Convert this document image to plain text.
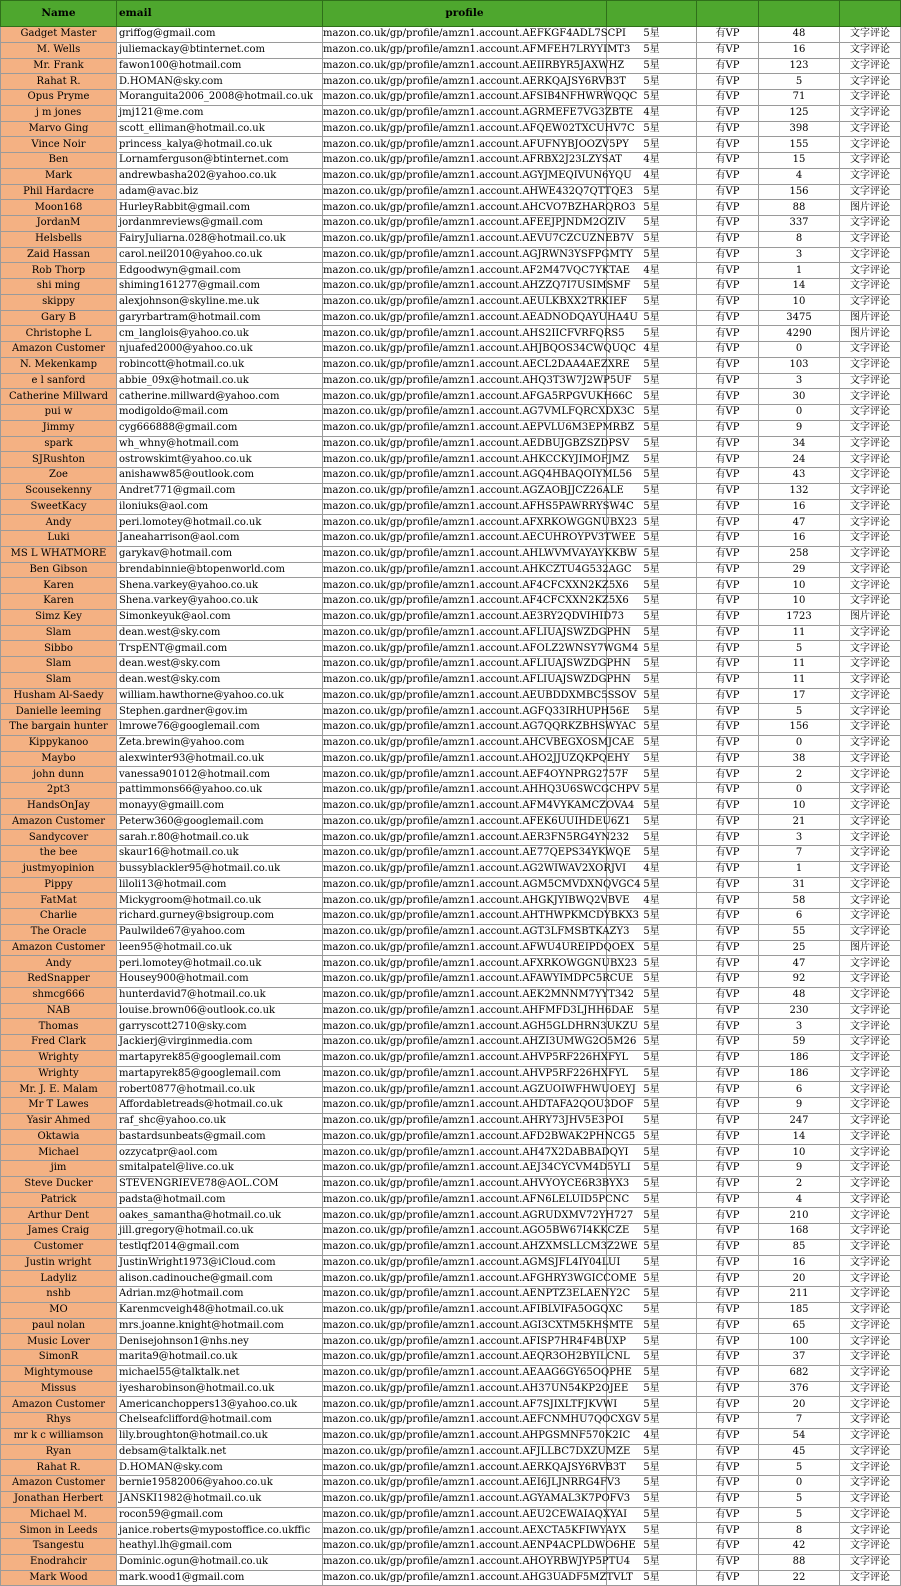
Name	email	profile				
Gadget Master	griffog@gmail.com	mazon.co.uk/gp/profile/amzn1.account.AEFKGF4ADL7SCPI	5星	有VP	48	文字评论
M. Wells	juliemackay@btinternet.com	mazon.co.uk/gp/profile/amzn1.account.AFMFEH7LRYYIMT3	5星	有VP	16	文字评论
Mr. Frank	fawon100@hotmail.com	mazon.co.uk/gp/profile/amzn1.account.AEIIRBYR5JAXWHZ	5星	有VP	123	文字评论
Rahat R.	D.HOMAN@sky.com	mazon.co.uk/gp/profile/amzn1.account.AERKQAJSY6RVB3T	5星	有VP	5	文字评论
Opus Pryme	Moranguita2006_2008@hotmail.co.uk	mazon.co.uk/gp/profile/amzn1.account.AFSIB4NFHWRWQQC	5星	有VP	71	文字评论
j m jones	jmj121@me.com	mazon.co.uk/gp/profile/amzn1.account.AGRMEFE7VG3ZBTE	4星	有VP	125	文字评论
Marvo Ging	scott_elliman@hotmail.co.uk	mazon.co.uk/gp/profile/amzn1.account.AFQEW02TXCUHV7C	5星	有VP	398	文字评论
Vince Noir	princess_kalya@hotmail.co.uk	mazon.co.uk/gp/profile/amzn1.account.AFUFNYBJOOZV5PY	5星	有VP	155	文字评论
Ben	Lornamferguson@btinternet.com	mazon.co.uk/gp/profile/amzn1.account.AFRBX2J23LZYSAT	4星	有VP	15	文字评论
Mark	andrewbasha202@yahoo.co.uk	mazon.co.uk/gp/profile/amzn1.account.AGYJMEQIVUN6YQU	4星	有VP	4	文字评论
Phil Hardacre	adam@avac.biz	mazon.co.uk/gp/profile/amzn1.account.AHWE432Q7QTTQE3	5星	有VP	156	文字评论
Moon168	HurleyRabbit@gmail.com	mazon.co.uk/gp/profile/amzn1.account.AHCVO7BZHARQRO3	5星	有VP	88	图片评论
JordanM	jordanmreviews@gmail.com	mazon.co.uk/gp/profile/amzn1.account.AFEEJPJNDM2OZIV	5星	有VP	337	文字评论
Helsbells	FairyJuliarna.028@hotmail.co.uk	mazon.co.uk/gp/profile/amzn1.account.AEVU7CZCUZNEB7V	5星	有VP	8	文字评论
Zaid Hassan	carol.neil2010@yahoo.co.uk	mazon.co.uk/gp/profile/amzn1.account.AGJRWN3YSFPGMTY	5星	有VP	3	文字评论
Rob Thorp	Edgoodwyn@gmail.com	mazon.co.uk/gp/profile/amzn1.account.AF2M47VQC7YKTAE	4星	有VP	1	文字评论
shi ming	shiming161277@gmail.com	mazon.co.uk/gp/profile/amzn1.account.AHZZQ7I7USIMSMF	5星	有VP	14	文字评论
skippy	alexjohnson@skyline.me.uk	mazon.co.uk/gp/profile/amzn1.account.AEULKBXX2TRKIEF	5星	有VP	10	文字评论
Gary B	garyrbartram@hotmail.com	mazon.co.uk/gp/profile/amzn1.account.AEADNODQAYUHA4U	5星	有VP	3475	图片评论
Christophe L	cm_langlois@yahoo.co.uk	mazon.co.uk/gp/profile/amzn1.account.AHS2IICFVRFQRS5	5星	有VP	4290	图片评论
Amazon Customer	njuafed2000@yahoo.co.uk	mazon.co.uk/gp/profile/amzn1.account.AHJBQOS34CWQUQC	4星	有VP	0	文字评论
N. Mekenkamp	robincott@hotmail.co.uk	mazon.co.uk/gp/profile/amzn1.account.AECL2DAA4AEZXRE	5星	有VP	103	文字评论
e l sanford	abbie_09x@hotmail.co.uk	mazon.co.uk/gp/profile/amzn1.account.AHQ3T3W7J2WP5UF	5星	有VP	3	文字评论
Catherine Millward	catherine.millward@yahoo.com	mazon.co.uk/gp/profile/amzn1.account.AFGA5RPGVUKH66C	5星	有VP	30	文字评论
pui w	modigoldo@mail.com	mazon.co.uk/gp/profile/amzn1.account.AG7VMLFQRCXDX3C	5星	有VP	0	文字评论
Jimmy	cyg666888@gmail.com	mazon.co.uk/gp/profile/amzn1.account.AEPVLU6M3EPMRBZ	5星	有VP	9	文字评论
spark	wh_whny@hotmail.com	mazon.co.uk/gp/profile/amzn1.account.AEDBUJGBZSZDPSV	5星	有VP	34	文字评论
SJRushton	ostrowskimt@yahoo.co.uk	mazon.co.uk/gp/profile/amzn1.account.AHKCCKYJIMOFJMZ	5星	有VP	24	文字评论
Zoe	anishaww85@outlook.com	mazon.co.uk/gp/profile/amzn1.account.AGQ4HBAQOIYML56	5星	有VP	43	文字评论
Scousekenny	Andret771@gmail.com	mazon.co.uk/gp/profile/amzn1.account.AGZAOBJJCZ26ALE	5星	有VP	132	文字评论
SweetKacy	iloniuks@aol.com	mazon.co.uk/gp/profile/amzn1.account.AFHS5PAWRRYSW4C	5星	有VP	16	文字评论
Andy	peri.lomotey@hotmail.co.uk	mazon.co.uk/gp/profile/amzn1.account.AFXRKOWGGNUBX23	5星	有VP	47	文字评论
Luki	Janeaharrison@aol.com	mazon.co.uk/gp/profile/amzn1.account.AECUHROYPV3TWEE	5星	有VP	16	文字评论
MS L WHATMORE	garykav@hotmail.com	mazon.co.uk/gp/profile/amzn1.account.AHLWVMVAYAYKKBW	5星	有VP	258	文字评论
Ben Gibson	brendabinnie@btopenworld.com	mazon.co.uk/gp/profile/amzn1.account.AHKCZTU4G532AGC	5星	有VP	29	文字评论
Karen	Shena.varkey@yahoo.co.uk	mazon.co.uk/gp/profile/amzn1.account.AF4CFCXXN2KZ5X6	5星	有VP	10	文字评论
Karen	Shena.varkey@yahoo.co.uk	mazon.co.uk/gp/profile/amzn1.account.AF4CFCXXN2KZ5X6	5星	有VP	10	文字评论
Simz Key	Simonkeyuk@aol.com	mazon.co.uk/gp/profile/amzn1.account.AE3RY2QDVIHID73	5星	有VP	1723	图片评论
Slam	dean.west@sky.com	mazon.co.uk/gp/profile/amzn1.account.AFLIUAJSWZDGPHN	5星	有VP	11	文字评论
Sibbo	TrspENT@gmail.com	mazon.co.uk/gp/profile/amzn1.account.AFOLZ2WNSY7WGM4	5星	有VP	5	文字评论
Slam	dean.west@sky.com	mazon.co.uk/gp/profile/amzn1.account.AFLIUAJSWZDGPHN	5星	有VP	11	文字评论
Slam	dean.west@sky.com	mazon.co.uk/gp/profile/amzn1.account.AFLIUAJSWZDGPHN	5星	有VP	11	文字评论
Husham Al-Saedy	william.hawthorne@yahoo.co.uk	mazon.co.uk/gp/profile/amzn1.account.AEUBDDXMBC5SSOV	5星	有VP	17	文字评论
Danielle leeming	Stephen.gardner@gov.im	mazon.co.uk/gp/profile/amzn1.account.AGFQ33IRHUPH56E	5星	有VP	5	文字评论
The bargain hunter	lmrowe76@googlemail.com	mazon.co.uk/gp/profile/amzn1.account.AG7QQRKZBHSWYAC	5星	有VP	156	文字评论
Kippykanoo	Zeta.brewin@yahoo.com	mazon.co.uk/gp/profile/amzn1.account.AHCVBEGXOSMJCAE	5星	有VP	0	文字评论
Maybo	alexwinter93@hotmail.co.uk	mazon.co.uk/gp/profile/amzn1.account.AHO2JJUZQKPQEHY	5星	有VP	38	文字评论
john dunn	vanessa901012@hotmail.com	mazon.co.uk/gp/profile/amzn1.account.AEF4OYNPRG2757F	5星	有VP	2	文字评论
2pt3	pattimmons66@yahoo.co.uk	mazon.co.uk/gp/profile/amzn1.account.AHHQ3U6SWCGCHPV	5星	有VP	0	文字评论
HandsOnJay	monayy@gmaill.com	mazon.co.uk/gp/profile/amzn1.account.AFM4VYKAMCZOVA4	5星	有VP	10	文字评论
Amazon Customer	Peterw360@googlemail.com	mazon.co.uk/gp/profile/amzn1.account.AFEK6UUIHDEU6Z1	5星	有VP	21	文字评论
Sandycover	sarah.r.80@hotmail.co.uk	mazon.co.uk/gp/profile/amzn1.account.AER3FN5RG4YN232	5星	有VP	3	文字评论
the bee	skaur16@hotmail.co.uk	mazon.co.uk/gp/profile/amzn1.account.AE77QEPS34YKWQE	5星	有VP	7	文字评论
justmyopinion	bussyblackler95@hotmail.co.uk	mazon.co.uk/gp/profile/amzn1.account.AG2WIWAV2XORJVI	4星	有VP	1	文字评论
Pippy	liloli13@hotmail.com	mazon.co.uk/gp/profile/amzn1.account.AGM5CMVDXNQVGC4	5星	有VP	31	文字评论
FatMat	Mickygroom@hotmail.co.uk	mazon.co.uk/gp/profile/amzn1.account.AHGKJYIBWQ2VBVE	4星	有VP	58	文字评论
Charlie	richard.gurney@bsigroup.com	mazon.co.uk/gp/profile/amzn1.account.AHTHWPKMCDYBKX3	5星	有VP	6	文字评论
The Oracle	Paulwilde67@yahoo.com	mazon.co.uk/gp/profile/amzn1.account.AGT3LFMSBTKAZY3	5星	有VP	55	文字评论
Amazon Customer	leen95@hotmail.co.uk	mazon.co.uk/gp/profile/amzn1.account.AFWU4UREIPDQOEX	5星	有VP	25	图片评论
Andy	peri.lomotey@hotmail.co.uk	mazon.co.uk/gp/profile/amzn1.account.AFXRKOWGGNUBX23	5星	有VP	47	文字评论
RedSnapper	Housey900@hotmail.com	mazon.co.uk/gp/profile/amzn1.account.AFAWYIMDPC5RCUE	5星	有VP	92	文字评论
shmcg666	hunterdavid7@hotmail.co.uk	mazon.co.uk/gp/profile/amzn1.account.AEK2MNNM7YYT342	5星	有VP	48	文字评论
NAB	louise.brown06@outlook.co.uk	mazon.co.uk/gp/profile/amzn1.account.AHFMFD3LJHH6DAE	5星	有VP	230	文字评论
Thomas	garryscott2710@sky.com	mazon.co.uk/gp/profile/amzn1.account.AGH5GLDHRN3UKZU	5星	有VP	3	文字评论
Fred Clark	Jackierj@virginmedia.com	mazon.co.uk/gp/profile/amzn1.account.AHZI3UMWG2O5M26	5星	有VP	59	文字评论
Wrighty	martapyrek85@googlemail.com	mazon.co.uk/gp/profile/amzn1.account.AHVP5RF226HXFYL	5星	有VP	186	文字评论
Wrighty	martapyrek85@googlemail.com	mazon.co.uk/gp/profile/amzn1.account.AHVP5RF226HXFYL	5星	有VP	186	文字评论
Mr. J. E. Malam	robert0877@hotmail.co.uk	mazon.co.uk/gp/profile/amzn1.account.AGZUOIWFHWUOEYJ	5星	有VP	6	文字评论
Mr T Lawes	Affordabletreads@hotmail.co.uk	mazon.co.uk/gp/profile/amzn1.account.AHDTAFA2QOU3DOF	5星	有VP	9	文字评论
Yasir Ahmed	raf_shc@yahoo.co.uk	mazon.co.uk/gp/profile/amzn1.account.AHRY73JHV5E3POI	5星	有VP	247	文字评论
Oktawia	bastardsunbeats@gmail.com	mazon.co.uk/gp/profile/amzn1.account.AFD2BWAK2PHNCG5	5星	有VP	14	文字评论
Michael	ozzycatpr@aol.com	mazon.co.uk/gp/profile/amzn1.account.AH47X2DABBADQYI	5星	有VP	10	文字评论
jim	smitalpatel@live.co.uk	mazon.co.uk/gp/profile/amzn1.account.AEJ34CYCVM4D5YLI	5星	有VP	9	文字评论
Steve Ducker	STEVENGRIEVE78@AOL.COM	mazon.co.uk/gp/profile/amzn1.account.AHVYOYCE6R3BYX3	5星	有VP	2	文字评论
Patrick	padsta@hotmail.com	mazon.co.uk/gp/profile/amzn1.account.AFN6LELUID5PCNC	5星	有VP	4	文字评论
Arthur Dent	oakes_samantha@hotmail.co.uk	mazon.co.uk/gp/profile/amzn1.account.AGRUDXMV72YH727	5星	有VP	210	文字评论
James Craig	jill.gregory@hotmail.co.uk	mazon.co.uk/gp/profile/amzn1.account.AGO5BW67I4KKCZE	5星	有VP	168	文字评论
Customer	testlqf2014@gmail.com	mazon.co.uk/gp/profile/amzn1.account.AHZXMSLLCM3Z2WE	5星	有VP	85	文字评论
Justin wright	JustinWright1973@iCloud.com	mazon.co.uk/gp/profile/amzn1.account.AGMSJFL4IY04LUI	5星	有VP	16	文字评论
Ladyliz	alison.cadinouche@gmail.com	mazon.co.uk/gp/profile/amzn1.account.AFGHRY3WGICCOME	5星	有VP	20	文字评论
nshb	Adrian.mz@hotmail.com	mazon.co.uk/gp/profile/amzn1.account.AENPTZ3ELAENY2C	5星	有VP	211	文字评论
MO	Karenmcveigh48@hotmail.co.uk	mazon.co.uk/gp/profile/amzn1.account.AFIBLVIFA5OGQXC	5星	有VP	185	文字评论
paul nolan	mrs.joanne.knight@hotmail.com	mazon.co.uk/gp/profile/amzn1.account.AGI3CXTM5KHSMTE	5星	有VP	65	文字评论
Music Lover	Denisejohnson1@nhs.ney	mazon.co.uk/gp/profile/amzn1.account.AFISP7HR4F4BUXP	5星	有VP	100	文字评论
SimonR	marita9@hotmail.co.uk	mazon.co.uk/gp/profile/amzn1.account.AEQR3OH2BYILCNL	5星	有VP	37	文字评论
Mightymouse	michael55@talktalk.net	mazon.co.uk/gp/profile/amzn1.account.AEAAG6GY65OQPHE	5星	有VP	682	文字评论
Missus	iyesharobinson@hotmail.co.uk	mazon.co.uk/gp/profile/amzn1.account.AH37UN54KP2OJEE	5星	有VP	376	文字评论
Amazon Customer	Americanchoppers13@yahoo.co.uk	mazon.co.uk/gp/profile/amzn1.account.AF7SJIXLTFJKVWI	5星	有VP	20	文字评论
Rhys	Chelseafclifford@hotmail.com	mazon.co.uk/gp/profile/amzn1.account.AEFCNMHU7QOCXGV	5星	有VP	7	文字评论
mr k c williamson	lily.broughton@hotmail.co.uk	mazon.co.uk/gp/profile/amzn1.account.AHPGSMNF570K2IC	4星	有VP	54	文字评论
Ryan	debsam@talktalk.net	mazon.co.uk/gp/profile/amzn1.account.AFJLLBC7DXZUMZE	5星	有VP	45	文字评论
Rahat R.	D.HOMAN@sky.com	mazon.co.uk/gp/profile/amzn1.account.AERKQAJSY6RVB3T	5星	有VP	5	文字评论
Amazon Customer	bernie19582006@yahoo.co.uk	mazon.co.uk/gp/profile/amzn1.account.AEI6JLJNRRG4FV3	5星	有VP	0	文字评论
Jonathan Herbert	JANSKI1982@hotmail.co.uk	mazon.co.uk/gp/profile/amzn1.account.AGYAMAL3K7POFV3	5星	有VP	5	文字评论
Michael M.	rocon59@gmail.com	mazon.co.uk/gp/profile/amzn1.account.AEU2CEWAIAQXYAI	5星	有VP	5	文字评论
Simon in Leeds	janice.roberts@mypostoffice.co.ukffic	mazon.co.uk/gp/profile/amzn1.account.AEXCTA5KFIWYAYX	5星	有VP	8	文字评论
Tsangestu	heathyl.lh@gmail.com	mazon.co.uk/gp/profile/amzn1.account.AENP4ACPLDWO6HE	5星	有VP	42	文字评论
Enodrahcir	Dominic.ogun@hotmail.co.uk	mazon.co.uk/gp/profile/amzn1.account.AHOYRBWJYP5PTU4	5星	有VP	88	文字评论
Mark Wood	mark.wood1@gmail.com	mazon.co.uk/gp/profile/amzn1.account.AHG3UADF5MZTVLT	5星	有VP	22	文字评论
